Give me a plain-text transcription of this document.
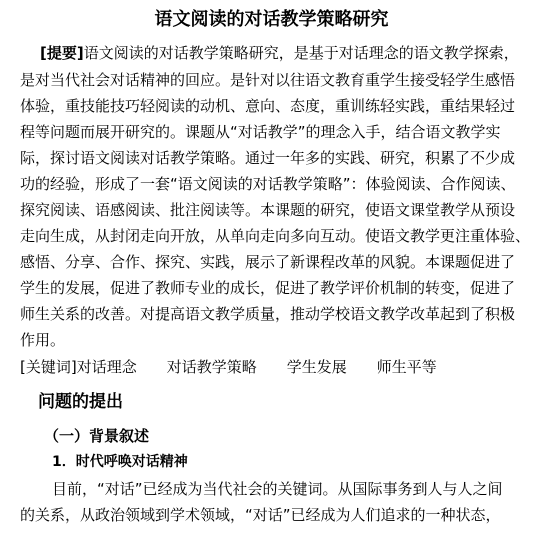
语文阅读的对话教学策略研究
[提要]语文阅读的对话教学策略研究，是基于对话理念的语文教学探索，
是对当代社会对话精神的回应。是针对以往语文教育重学生接受轻学生感悟
体验，重技能技巧轻阅读的动机、意向、态度，重训练轻实践，重结果轻过
程等问题而展开研究的。课题从“对话教学”的理念入手，结合语文教学实
际，探讨语文阅读对话教学策略。通过一年多的实践、研究，积累了不少成
功的经验，形成了一套“语文阅读的对话教学策略”：体验阅读、合作阅读、
探究阅读、语感阅读、批注阅读等。本课题的研究，使语文课堂教学从预设
走向生成，从封闭走向开放，从单向走向多向互动。使语文教学更注重体验、
感悟、分享、合作、探究、实践，展示了新课程改革的风貌。本课题促进了
学生的发展，促进了教师专业的成长，促进了教学评价机制的转变，促进了
师生关系的改善。对提高语文教学质量，推动学校语文教学改革起到了积极
作用。
[关键词]对话理念 对话教学策略 学生发展 师生平等
问题的提出
（一）背景叙述
1．时代呼唤对话精神
目前，“对话”已经成为当代社会的关键词。从国际事务到人与人之间
的关系，从政治领域到学术领域，“对话”已经成为人们追求的一种状态，
